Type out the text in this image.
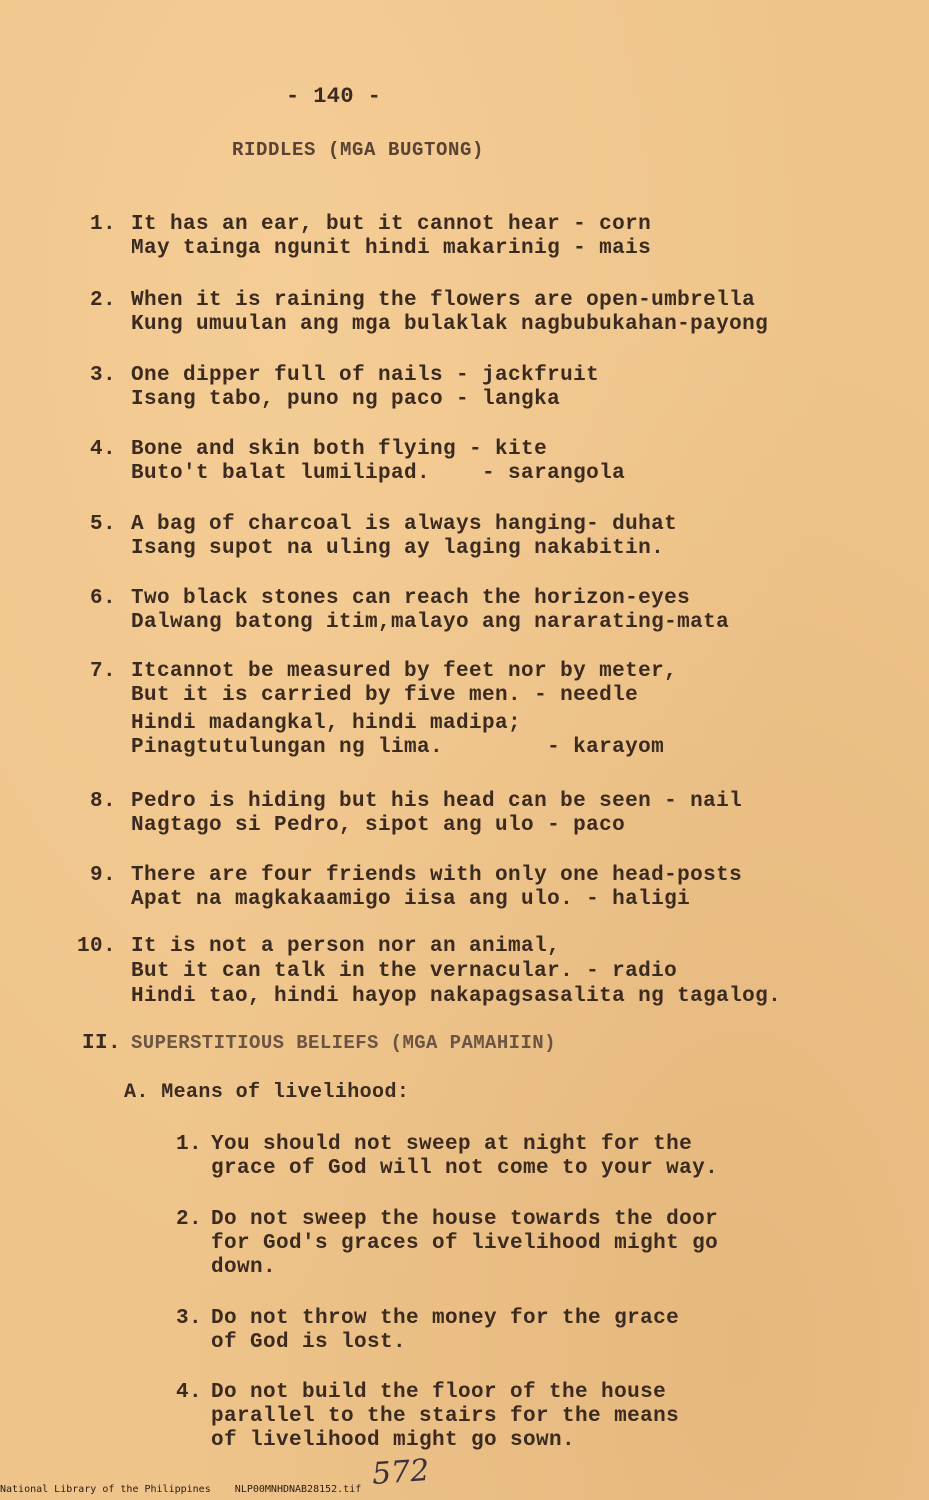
- 140 -
RIDDLES (MGA BUGTONG)
1. It has an ear, but it cannot hear - corn
May tainga ngunit hindi makarinig - mais
2. When it is raining the flowers are open-umbrella
Kung umuulan ang mga bulaklak nagbubukahan-payong
3. One dipper full of nails - jackfruit
Isang tabo, puno ng paco - langka
4. Bone and skin both flying - kite
Buto't balat lumilipad.    - sarangola
5. A bag of charcoal is always hanging- duhat
Isang supot na uling ay laging nakabitin.
6. Two black stones can reach the horizon-eyes
Dalwang batong itim,malayo ang nararating-mata
7. Itcannot be measured by feet nor by meter,
But it is carried by five men. - needle
Hindi madangkal, hindi madipa;
Pinagtutulungan ng lima.        - karayom
8. Pedro is hiding but his head can be seen - nail
Nagtago si Pedro, sipot ang ulo - paco
9. There are four friends with only one head-posts
Apat na magkakaamigo iisa ang ulo. - haligi
10. It is not a person nor an animal,
But it can talk in the vernacular. - radio
Hindi tao, hindi hayop nakapagsasalita ng tagalog.
II. SUPERSTITIOUS BELIEFS (MGA PAMAHIIN)
A. Means of livelihood:
1. You should not sweep at night for the
grace of God will not come to your way.
2. Do not sweep the house towards the door
for God's graces of livelihood might go
down.
3. Do not throw the money for the grace
of God is lost.
4. Do not build the floor of the house
parallel to the stairs for the means
of livelihood might go sown.
572
National Library of the Philippines    NLP00MNHDNAB28152.tif
